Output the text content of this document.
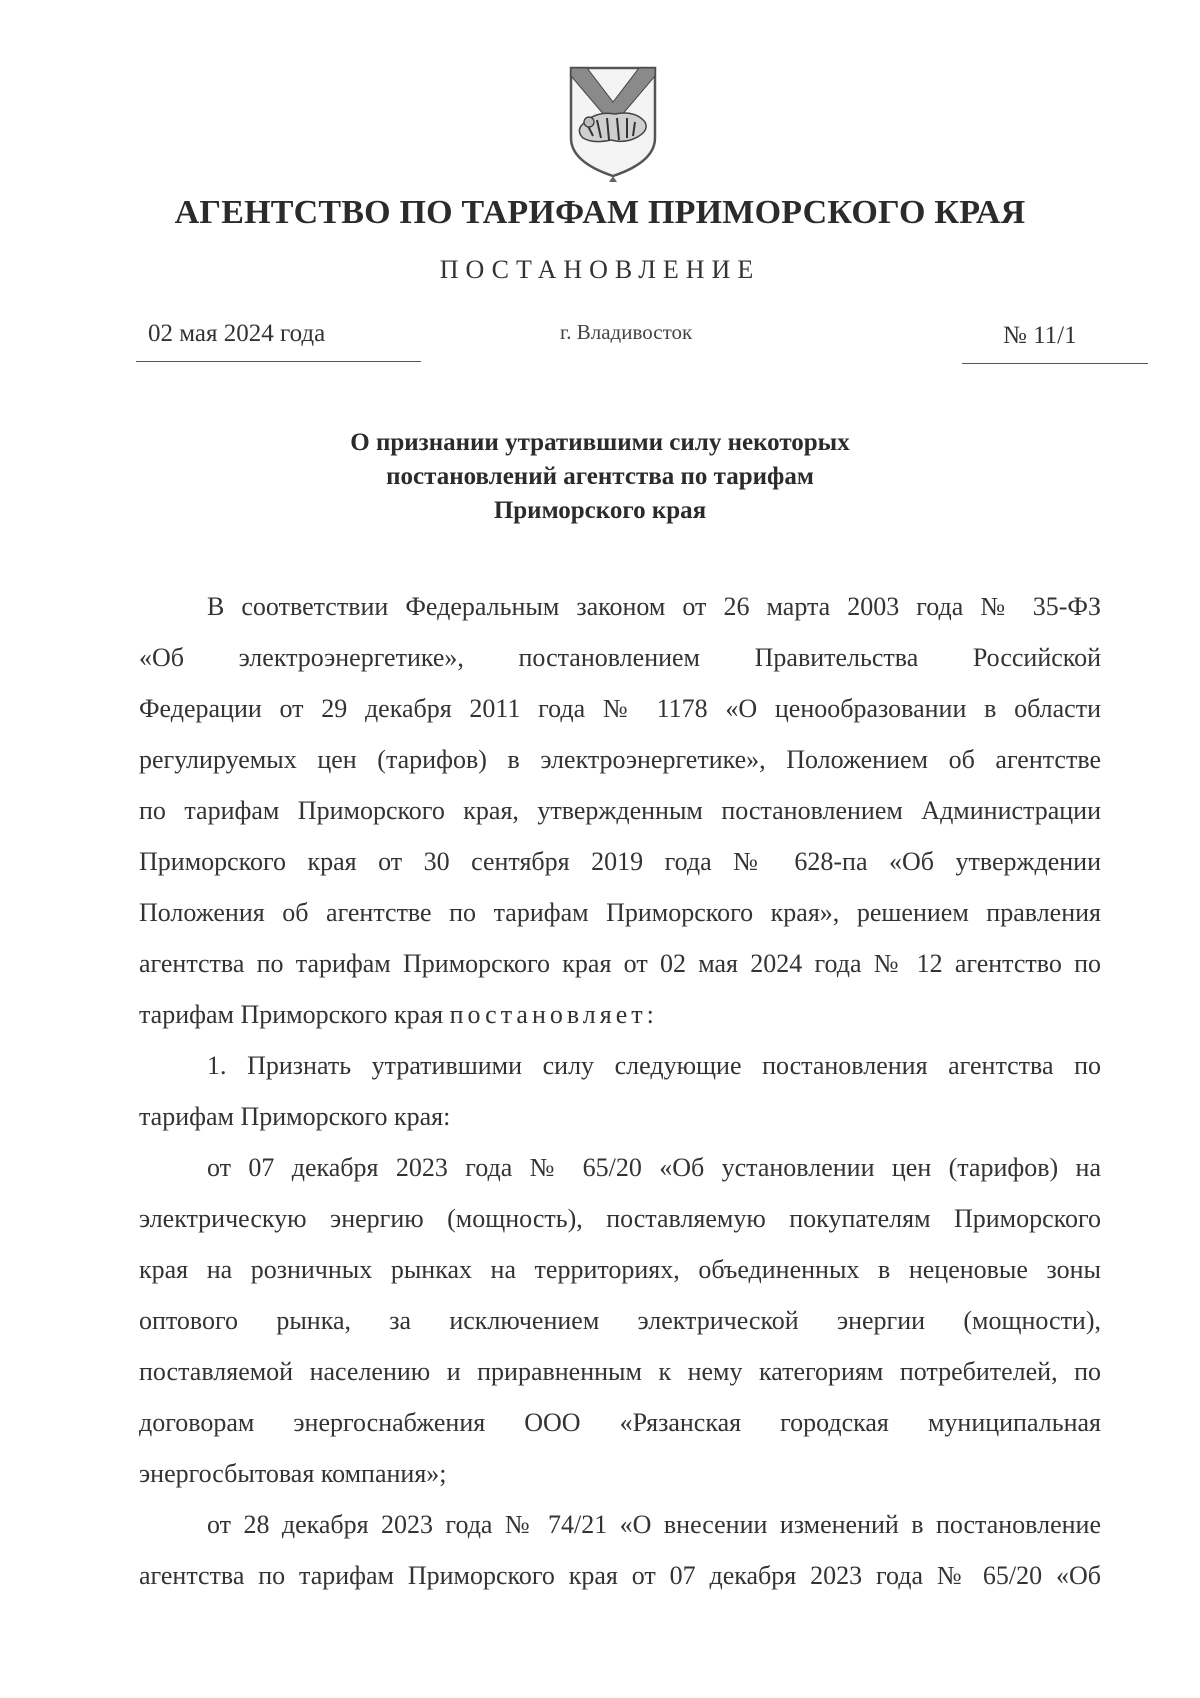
АГЕНТСТВО ПО ТАРИФАМ ПРИМОРСКОГО КРАЯ
ПОСТАНОВЛЕНИЕ
02 мая 2024 года	г. Владивосток	№ 11/1
О признании утратившими силу некоторых
постановлений агентства по тарифам
Приморского края
В соответствии Федеральным законом от 26 марта 2003 года № 35-ФЗ
«Об электроэнергетике», постановлением Правительства Российской
Федерации от 29 декабря 2011 года № 1178 «О ценообразовании в области
регулируемых цен (тарифов) в электроэнергетике», Положением об агентстве
по тарифам Приморского края, утвержденным постановлением Администрации
Приморского края от 30 сентября 2019 года № 628-па «Об утверждении
Положения об агентстве по тарифам Приморского края», решением правления
агентства по тарифам Приморского края от 02 мая 2024 года № 12 агентство по
тарифам Приморского края постановляет:
1. Признать утратившими силу следующие постановления агентства по
тарифам Приморского края:
от 07 декабря 2023 года № 65/20 «Об установлении цен (тарифов) на
электрическую энергию (мощность), поставляемую покупателям Приморского
края на розничных рынках на территориях, объединенных в неценовые зоны
оптового рынка, за исключением электрической энергии (мощности),
поставляемой населению и приравненным к нему категориям потребителей, по
договорам энергоснабжения ООО «Рязанская городская муниципальная
энергосбытовая компания»;
от 28 декабря 2023 года № 74/21 «О внесении изменений в постановление
агентства по тарифам Приморского края от 07 декабря 2023 года № 65/20 «Об
